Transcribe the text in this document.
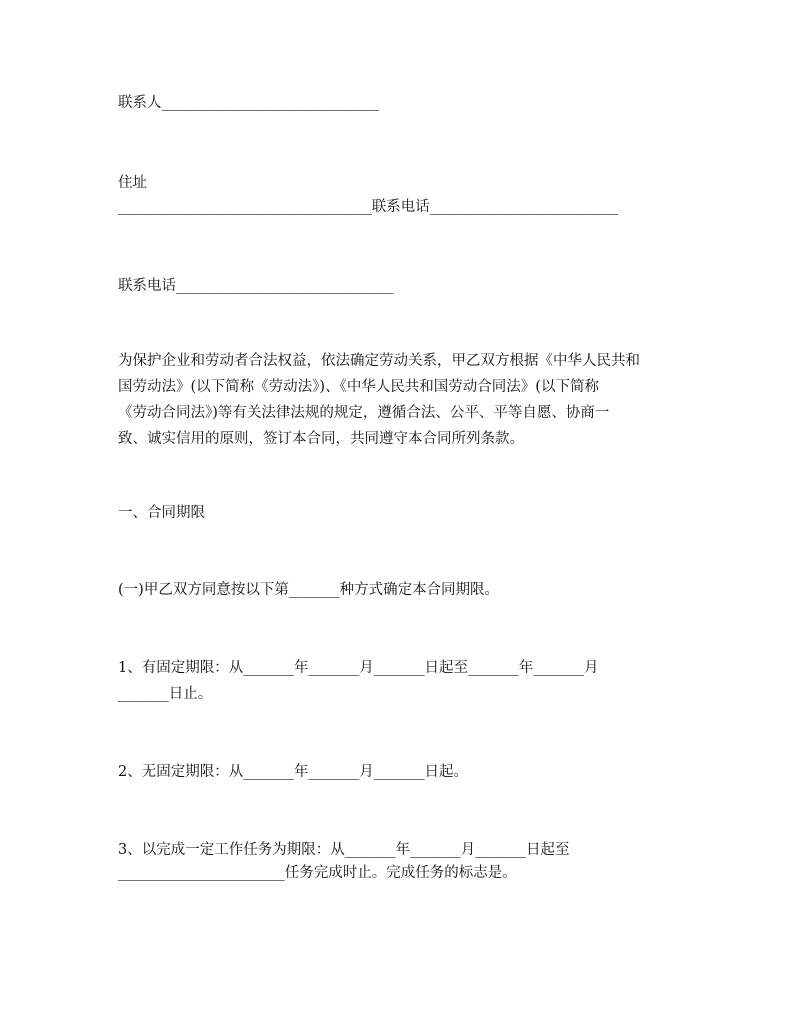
联系人______________________________
住址
___________________________________联系电话__________________________
联系电话______________________________
为保护企业和劳动者合法权益，依法确定劳动关系，甲乙双方根据《中华人民共和
国劳动法》(以下简称《劳动法》)、《中华人民共和国劳动合同法》(以下简称
《劳动合同法》)等有关法律法规的规定，遵循合法、公平、平等自愿、协商一
致、诚实信用的原则，签订本合同，共同遵守本合同所列条款。
一、合同期限
(一)甲乙双方同意按以下第_______种方式确定本合同期限。
1、有固定期限：从_______年_______月_______日起至_______年_______月
_______日止。
2、无固定期限：从_______年_______月_______日起。
3、以完成一定工作任务为期限：从_______年_______月_______日起至
_______________________任务完成时止。完成任务的标志是。
